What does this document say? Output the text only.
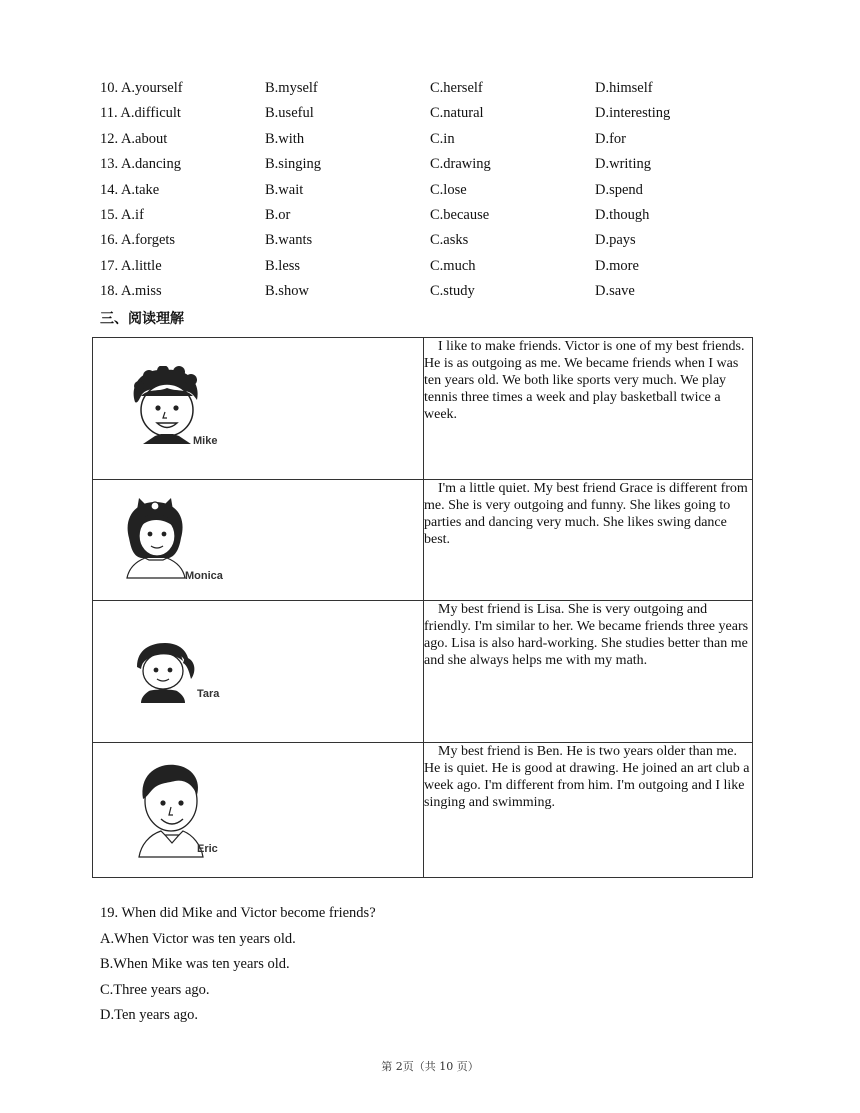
10. A.yourself	B.myself	C.herself	D.himself
11. A.difficult	B.useful	C.natural	D.interesting
12. A.about	B.with	C.in	D.for
13. A.dancing	B.singing	C.drawing	D.writing
14. A.take	B.wait	C.lose	D.spend
15. A.if	B.or	C.because	D.though
16. A.forgets	B.wants	C.asks	D.pays
17. A.little	B.less	C.much	D.more
18. A.miss	B.show	C.study	D.save
三、阅读理解
Mike	I like to make friends. Victor is one of my best friends. He is as outgoing as me. We became friends when I was ten years old. We both like sports very much. We play tennis three times a week and play basketball twice a week.

Monica	I'm a little quiet. My best friend Grace is different from me. She is very outgoing and funny. She likes going to parties and dancing very much. She likes swing dance best.

Tara	My best friend is Lisa. She is very outgoing and friendly. I'm similar to her. We became friends three years ago. Lisa is also hard-working. She studies better than me and she always helps me with my math.

Eric	My best friend is Ben. He is two years older than me. He is quiet. He is good at drawing. He joined an art club a week ago. I'm different from him. I'm outgoing and I like singing and swimming.

19. When did Mike and Victor become friends?
A.When Victor was ten years old.
B.When Mike was ten years old.
C.Three years ago.
D.Ten years ago.
第 2页（共 10 页）
